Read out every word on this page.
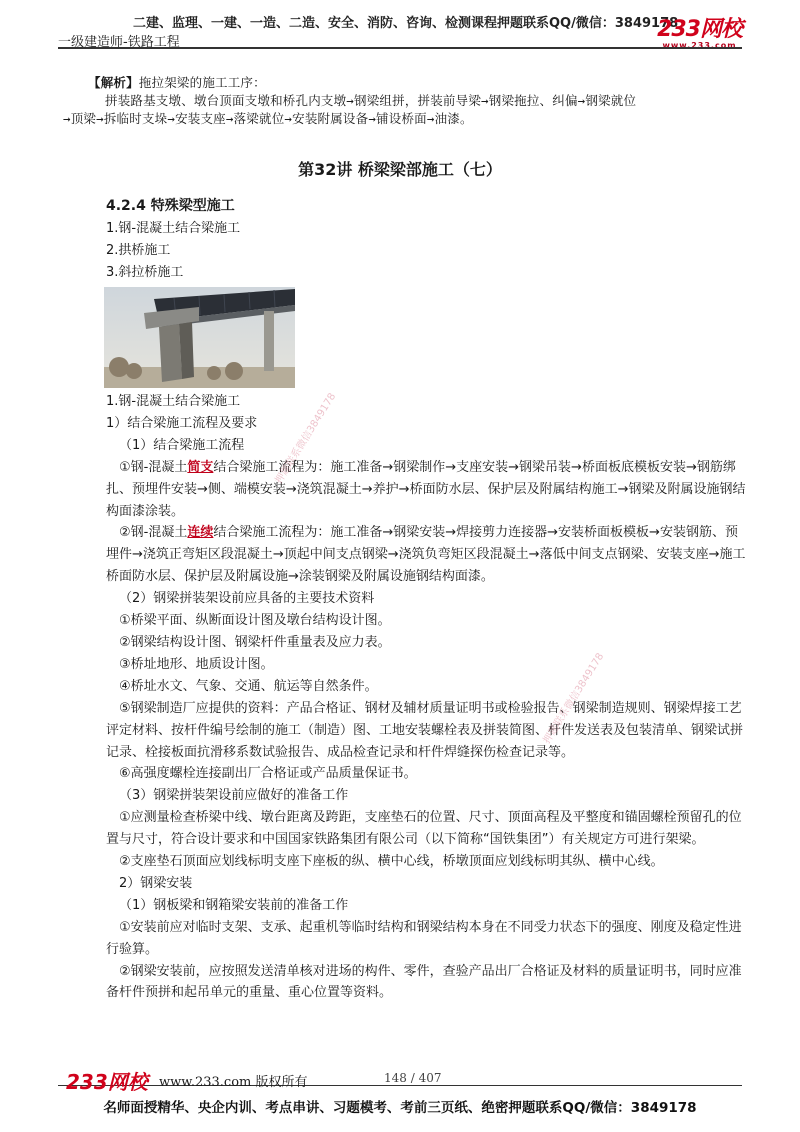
二建、监理、一建、一造、二造、安全、消防、咨询、检测课程押题联系QQ/微信：3849178
一级建造师-铁路工程
233网校
www.233.com
【解析】拖拉架梁的施工工序：
拼装路基支墩、墩台顶面支墩和桥孔内支墩→钢梁组拼，拼装前导梁→钢梁拖拉、纠偏→钢梁就位
→顶梁→拆临时支垛→安装支座→落梁就位→安装附属设备→铺设桥面→油漆。
第32讲 桥梁梁部施工（七）
4.2.4 特殊梁型施工
1.钢-混凝土结合梁施工
2.拱桥施工
3.斜拉桥施工

1.钢-混凝土结合梁施工

1）结合梁施工流程及要求

（1）结合梁施工流程

①钢-混凝土简支结合梁施工流程为：施工准备→钢梁制作→支座安装→钢梁吊装→桥面板底模板安装→钢筋绑扎、预埋件安装→侧、端模安装→浇筑混凝土→养护→桥面防水层、保护层及附属结构施工→钢梁及附属设施钢结构面漆涂装。

②钢-混凝土连续结合梁施工流程为：施工准备→钢梁安装→焊接剪力连接器→安装桥面板模板→安装钢筋、预埋件→浇筑正弯矩区段混凝土→顶起中间支点钢梁→浇筑负弯矩区段混凝土→落低中间支点钢梁、安装支座→施工桥面防水层、保护层及附属设施→涂装钢梁及附属设施钢结构面漆。

（2）钢梁拼装架设前应具备的主要技术资料

①桥梁平面、纵断面设计图及墩台结构设计图。

②钢梁结构设计图、钢梁杆件重量表及应力表。

③桥址地形、地质设计图。

④桥址水文、气象、交通、航运等自然条件。

⑤钢梁制造厂应提供的资料：产品合格证、钢材及辅材质量证明书或检验报告、钢梁制造规则、钢梁焊接工艺评定材料、按杆件编号绘制的施工（制造）图、工地安装螺栓表及拼装简图、杆件发送表及包装清单、钢梁试拼记录、栓接板面抗滑移系数试验报告、成品检查记录和杆件焊缝探伤检查记录等。

⑥高强度螺栓连接副出厂合格证或产品质量保证书。

（3）钢梁拼装架设前应做好的准备工作

①应测量检查桥梁中线、墩台距离及跨距，支座垫石的位置、尺寸、顶面高程及平整度和锚固螺栓预留孔的位置与尺寸，符合设计要求和中国国家铁路集团有限公司（以下简称“国铁集团”）有关规定方可进行架梁。

②支座垫石顶面应划线标明支座下座板的纵、横中心线，桥墩顶面应划线标明其纵、横中心线。

2）钢梁安装

（1）钢板梁和钢箱梁安装前的准备工作

①安装前应对临时支架、支承、起重机等临时结构和钢梁结构本身在不同受力状态下的强度、刚度及稳定性进行验算。

②钢梁安装前，应按照发送清单核对进场的构件、零件，查验产品出厂合格证及材料的质量证明书，同时应准备杆件预拼和起吊单元的重量、重心位置等资料。

押题联系微信3849178
押题联系微信3849178
233网校 www.233.com 版权所有	148 / 407
名师面授精华、央企内训、考点串讲、习题模考、考前三页纸、绝密押题联系QQ/微信：3849178
